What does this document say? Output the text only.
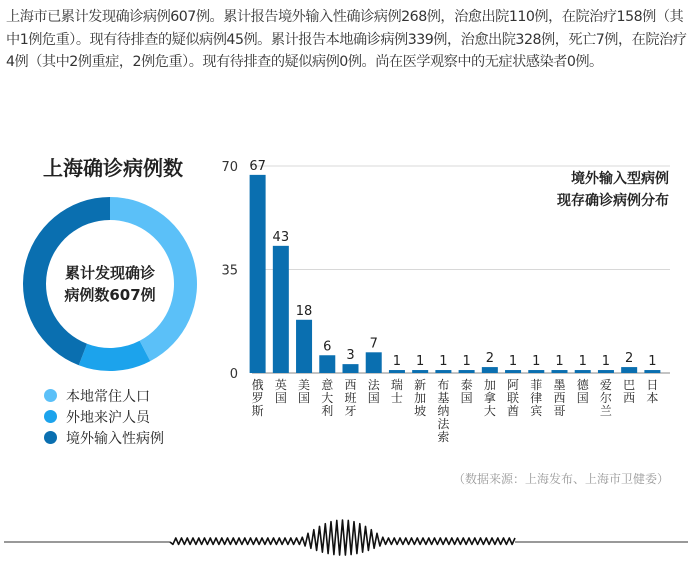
上海市已累计发现确诊病例607例。累计报告境外输入性确诊病例268例，治愈出院110例，在院治疗158例（其中1例危重）。现有待排查的疑似病例45例。累计报告本地确诊病例339例，治愈出院328例，死亡7例，在院治疗4例（其中2例重症，2例危重）。现有待排查的疑似病例0例。尚在医学观察中的无症状感染者0例。
上海确诊病例数
累计发现确诊
病例数607例
本地常住人口
外地来沪人员
境外输入性病例
0
35
70 67
俄罗斯
43
英国
18
美国
6
意大利
3
西班牙
7
法国
1
瑞士
1
新加坡
1
布基纳法索
1
泰国
2
加拿大
1
阿联酋
1
菲律宾
1
墨西哥
1
德国
1
爱尔兰
2
巴西
1
日本
境外输入型病例
现存确诊病例分布
（数据来源：上海发布、上海市卫健委）
